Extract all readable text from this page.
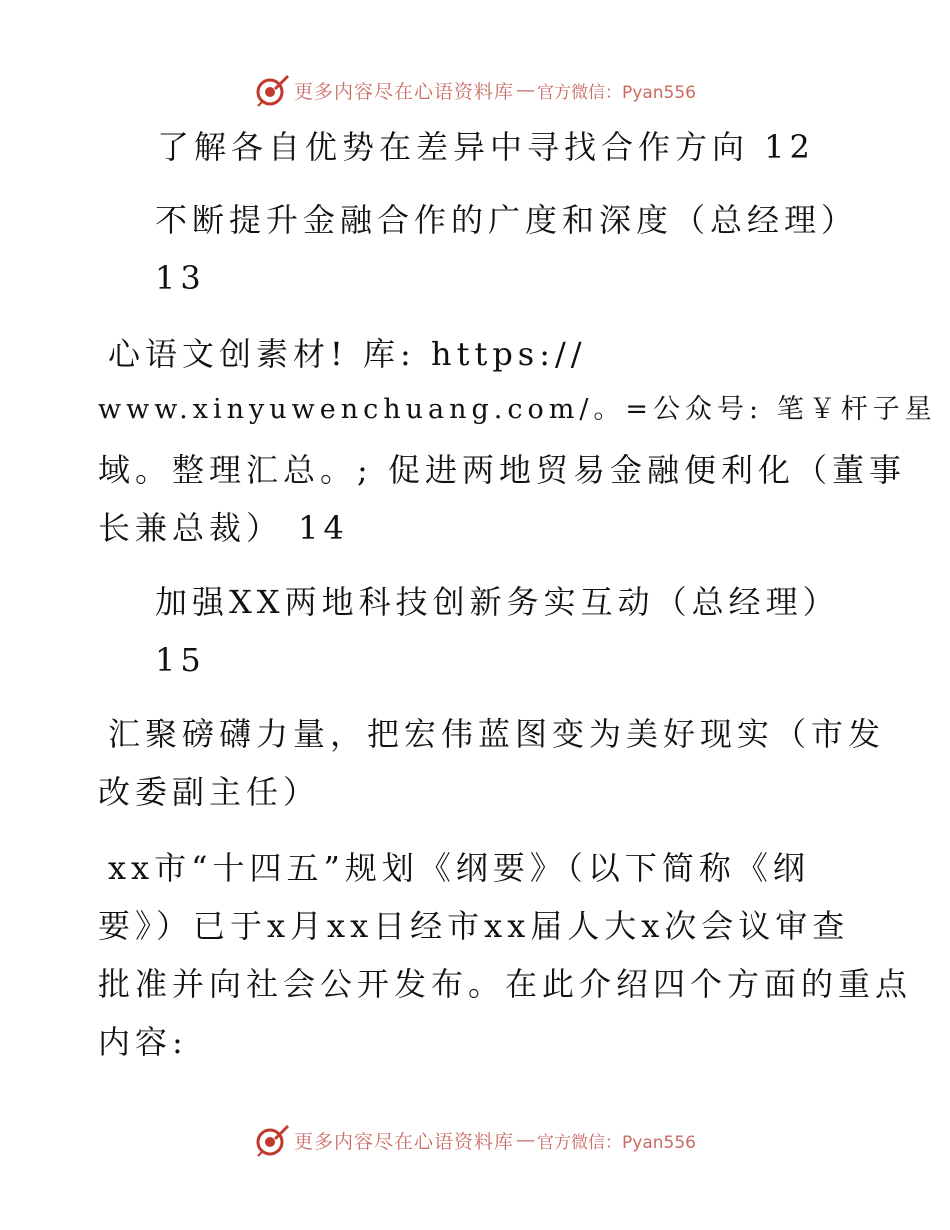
更多内容尽在心语资料库 — 官方微信：Pyan556
了解各自优势在差异中寻找合作方向 12
不断提升金融合作的广度和深度（总经理）
13
心语文创素材! 库: https://
www.xinyuwenchuang.com/。=公众号: 笔￥杆子星
域。整理汇总。; 促进两地贸易金融便利化（董事
长兼总裁） 14
加强XX两地科技创新务实互动（总经理）
15
汇聚磅礴力量，把宏伟蓝图变为美好现实（市发
改委副主任）
xx市“十四五”规划《纲要》（以下简称《纲
要》）已于x月xx日经市xx届人大x次会议审查
批准并向社会公开发布。在此介绍四个方面的重点
内容:
更多内容尽在心语资料库 — 官方微信：Pyan556
